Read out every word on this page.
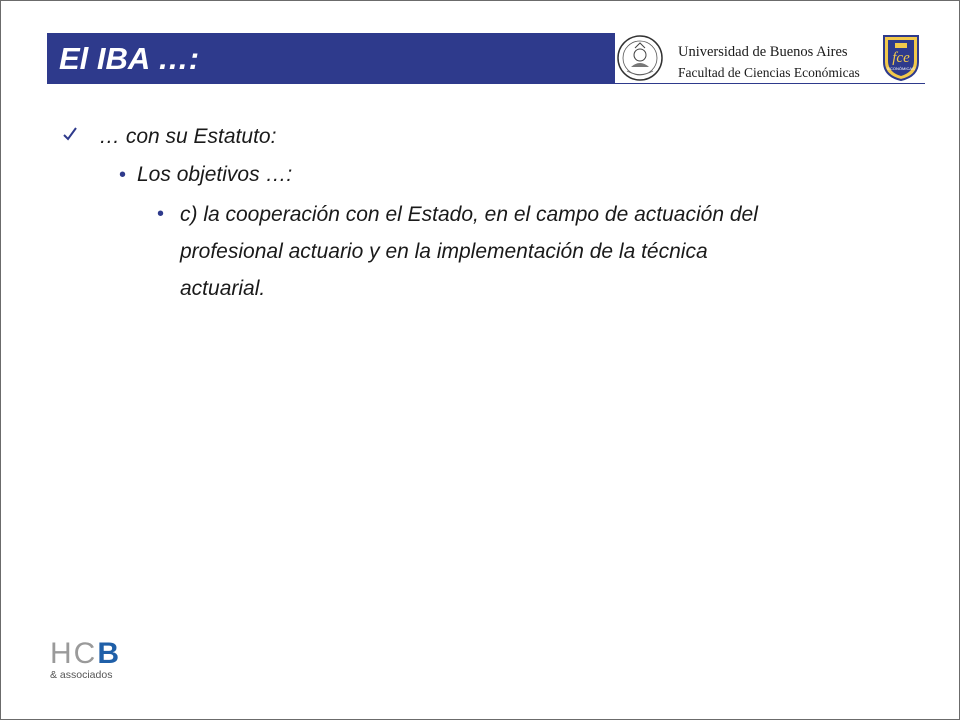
El IBA …:	Universidad de Buenos Aires
Facultad de Ciencias Económicas
fce
ECONÓMICAS
… con su Estatuto:
• Los objetivos …:
• c) la cooperación con el Estado, en el campo de actuación del
profesional actuario y en la implementación de la técnica
actuarial.
HCB
& associados
